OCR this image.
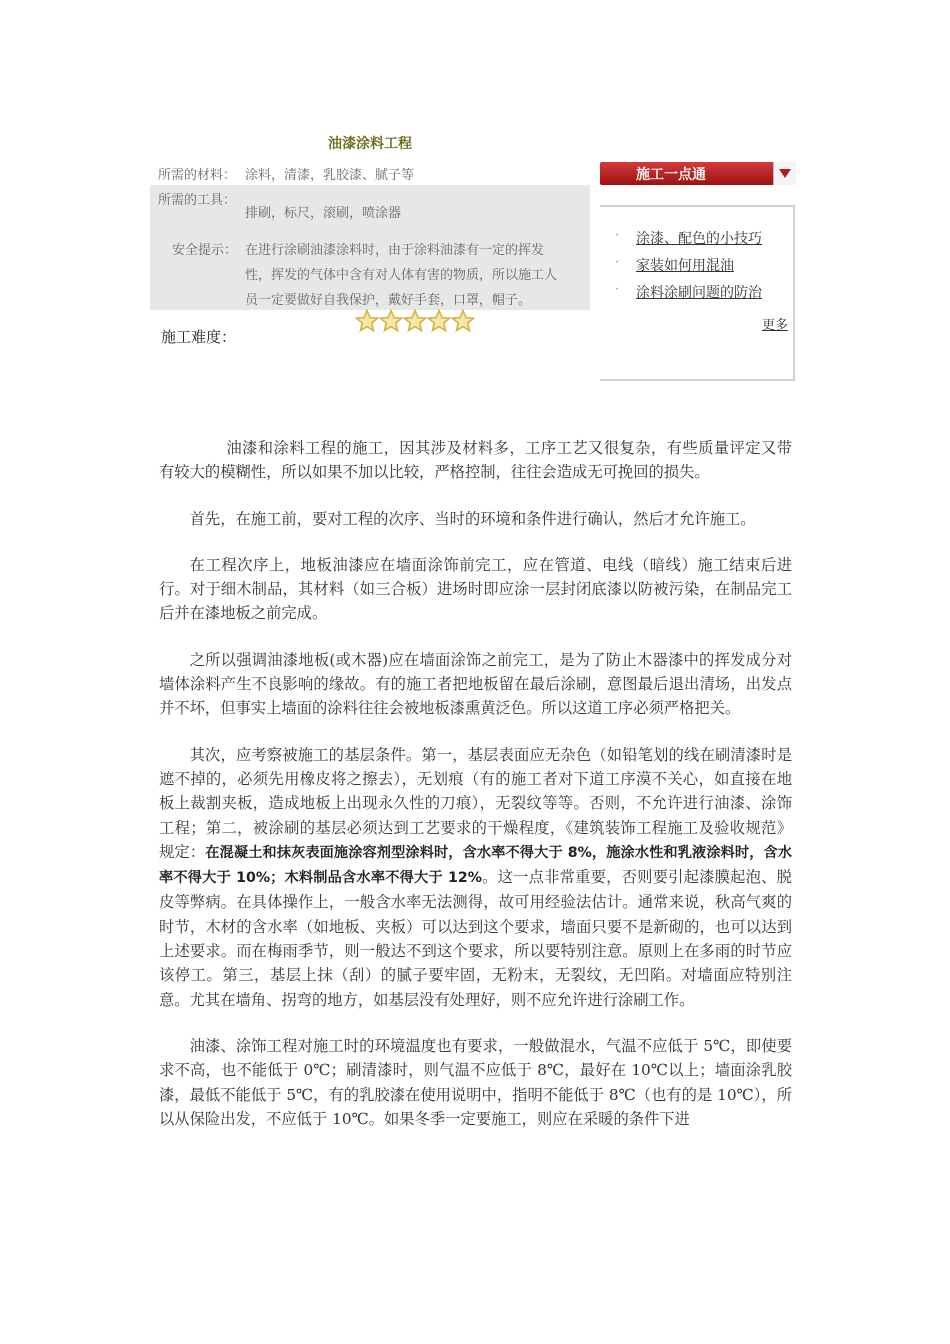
油漆涂料工程
所需的材料： 涂料，清漆，乳胶漆、腻子等
所需的工具：
排刷，标尺，滚刷，喷涂器
安全提示： 在进行涂刷油漆涂料时，由于涂料油漆有一定的挥发
性，挥发的气体中含有对人体有害的物质，所以施工人
员一定要做好自我保护，戴好手套，口罩，帽子。
施工难度：
施工一点通
· 涂漆、配色的小技巧
· 家装如何用混油
· 涂料涂刷问题的防治
更多

油漆和涂料工程的施工，因其涉及材料多，工序工艺又很复杂，有些质量评定又带有较大的模糊性，所以如果不加以比较，严格控制，往往会造成无可挽回的损失。

首先，在施工前，要对工程的次序、当时的环境和条件进行确认，然后才允许施工。

在工程次序上，地板油漆应在墙面涂饰前完工，应在管道、电线（暗线）施工结束后进行。对于细木制品，其材料（如三合板）进场时即应涂一层封闭底漆以防被污染，在制品完工后并在漆地板之前完成。

之所以强调油漆地板(或木器)应在墙面涂饰之前完工，是为了防止木器漆中的挥发成分对墙体涂料产生不良影响的缘故。有的施工者把地板留在最后涂刷，意图最后退出清场，出发点并不坏，但事实上墙面的涂料往往会被地板漆熏黄泛色。所以这道工序必须严格把关。

其次，应考察被施工的基层条件。第一，基层表面应无杂色（如铅笔划的线在刷清漆时是遮不掉的，必须先用橡皮将之擦去），无划痕（有的施工者对下道工序漠不关心，如直接在地板上裁割夹板，造成地板上出现永久性的刀痕），无裂纹等等。否则，不允许进行油漆、涂饰工程；第二，被涂刷的基层必须达到工艺要求的干燥程度，《建筑装饰工程施工及验收规范》规定：在混凝土和抹灰表面施涂容剂型涂料时，含水率不得大于 8%，施涂水性和乳液涂料时，含水率不得大于 10%；木料制品含水率不得大于 12%。这一点非常重要，否则要引起漆膜起泡、脱皮等弊病。在具体操作上，一般含水率无法测得，故可用经验法估计。通常来说，秋高气爽的时节，木材的含水率（如地板、夹板）可以达到这个要求，墙面只要不是新砌的，也可以达到上述要求。而在梅雨季节，则一般达不到这个要求，所以要特别注意。原则上在多雨的时节应该停工。第三，基层上抹（刮）的腻子要牢固，无粉末，无裂纹，无凹陷。对墙面应特别注意。尤其在墙角、拐弯的地方，如基层没有处理好，则不应允许进行涂刷工作。

油漆、涂饰工程对施工时的环境温度也有要求，一般做混水，气温不应低于 5℃，即使要求不高，也不能低于 0℃；刷清漆时，则气温不应低于 8℃，最好在 10℃以上；墙面涂乳胶漆，最低不能低于 5℃，有的乳胶漆在使用说明中，指明不能低于 8℃（也有的是 10℃），所以从保险出发，不应低于 10℃。如果冬季一定要施工，则应在采暖的条件下进
